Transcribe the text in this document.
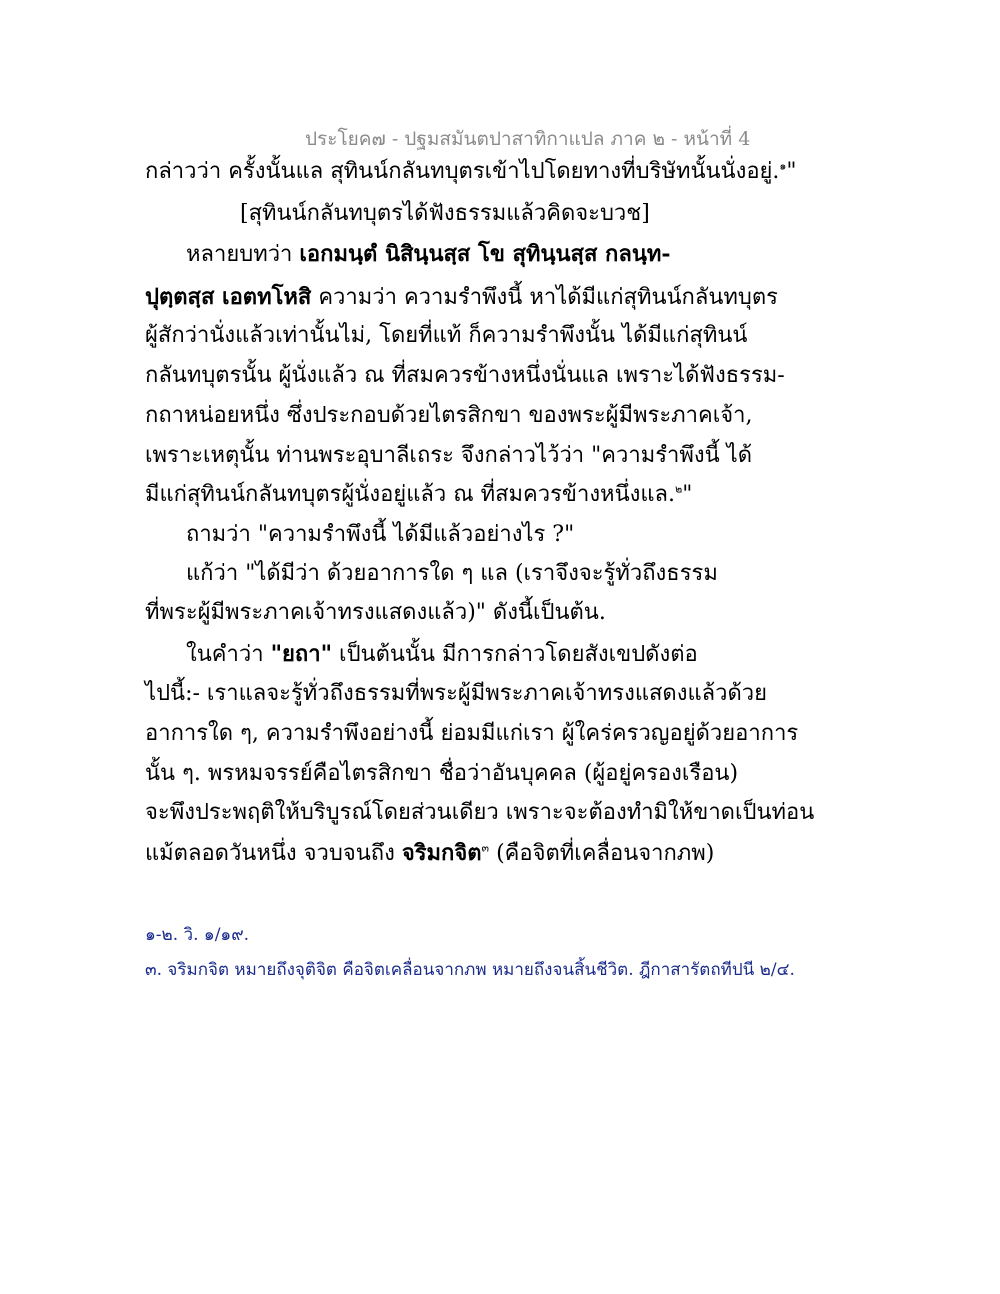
ประโยค๗ - ปฐมสมันตปาสาทิกาแปล ภาค ๒ - หน้าที่ 4
กล่าวว่า ครั้งนั้นแล สุทินน์กลันทบุตรเข้าไปโดยทางที่บริษัทนั้นนั่งอยู่.$^๑$"
[สุทินน์กลันทบุตรได้ฟังธรรมแล้วคิดจะบวช]
หลายบทว่า เอกมนฺตํ นิสินฺนสฺส โข สุทินฺนสฺส กลนฺท-
ปุตฺตสฺส เอตทโหสิ ความว่า ความรำพึงนี้ หาได้มีแก่สุทินน์กลันทบุตร
ผู้สักว่านั่งแล้วเท่านั้นไม่, โดยที่แท้ ก็ความรำพึงนั้น ได้มีแก่สุทินน์
กลันทบุตรนั้น ผู้นั่งแล้ว ณ ที่สมควรข้างหนึ่งนั่นแล เพราะได้ฟังธรรม-
กถาหน่อยหนึ่ง ซึ่งประกอบด้วยไตรสิกขา ของพระผู้มีพระภาคเจ้า,
เพราะเหตุนั้น ท่านพระอุบาลีเถระ จึงกล่าวไว้ว่า "ความรำพึงนี้ ได้
มีแก่สุทินน์กลันทบุตรผู้นั่งอยู่แล้ว ณ ที่สมควรข้างหนึ่งแล.$^๒$"
ถามว่า "ความรำพึงนี้ ได้มีแล้วอย่างไร ?"
แก้ว่า "ได้มีว่า ด้วยอาการใด ๆ แล (เราจึงจะรู้ทั่วถึงธรรม
ที่พระผู้มีพระภาคเจ้าทรงแสดงแล้ว)" ดังนี้เป็นต้น.
ในคำว่า "ยถา" เป็นต้นนั้น มีการกล่าวโดยสังเขปดังต่อ
ไปนี้:- เราแลจะรู้ทั่วถึงธรรมที่พระผู้มีพระภาคเจ้าทรงแสดงแล้วด้วย
อาการใด ๆ, ความรำพึงอย่างนี้ ย่อมมีแก่เรา ผู้ใคร่ครวญอยู่ด้วยอาการ
นั้น ๆ. พรหมจรรย์คือไตรสิกขา ชื่อว่าอันบุคคล (ผู้อยู่ครองเรือน)
จะพึงประพฤติให้บริบูรณ์โดยส่วนเดียว เพราะจะต้องทำมิให้ขาดเป็นท่อน
แม้ตลอดวันหนึ่ง จวบจนถึง จริมกจิต$^๓$ (คือจิตที่เคลื่อนจากภพ)
๑-๒. วิ. ๑/๑๙.
๓. จริมกจิต หมายถึงจุติจิต คือจิตเคลื่อนจากภพ หมายถึงจนสิ้นชีวิต. ฎีกาสารัตถทีปนี ๒/๔.
